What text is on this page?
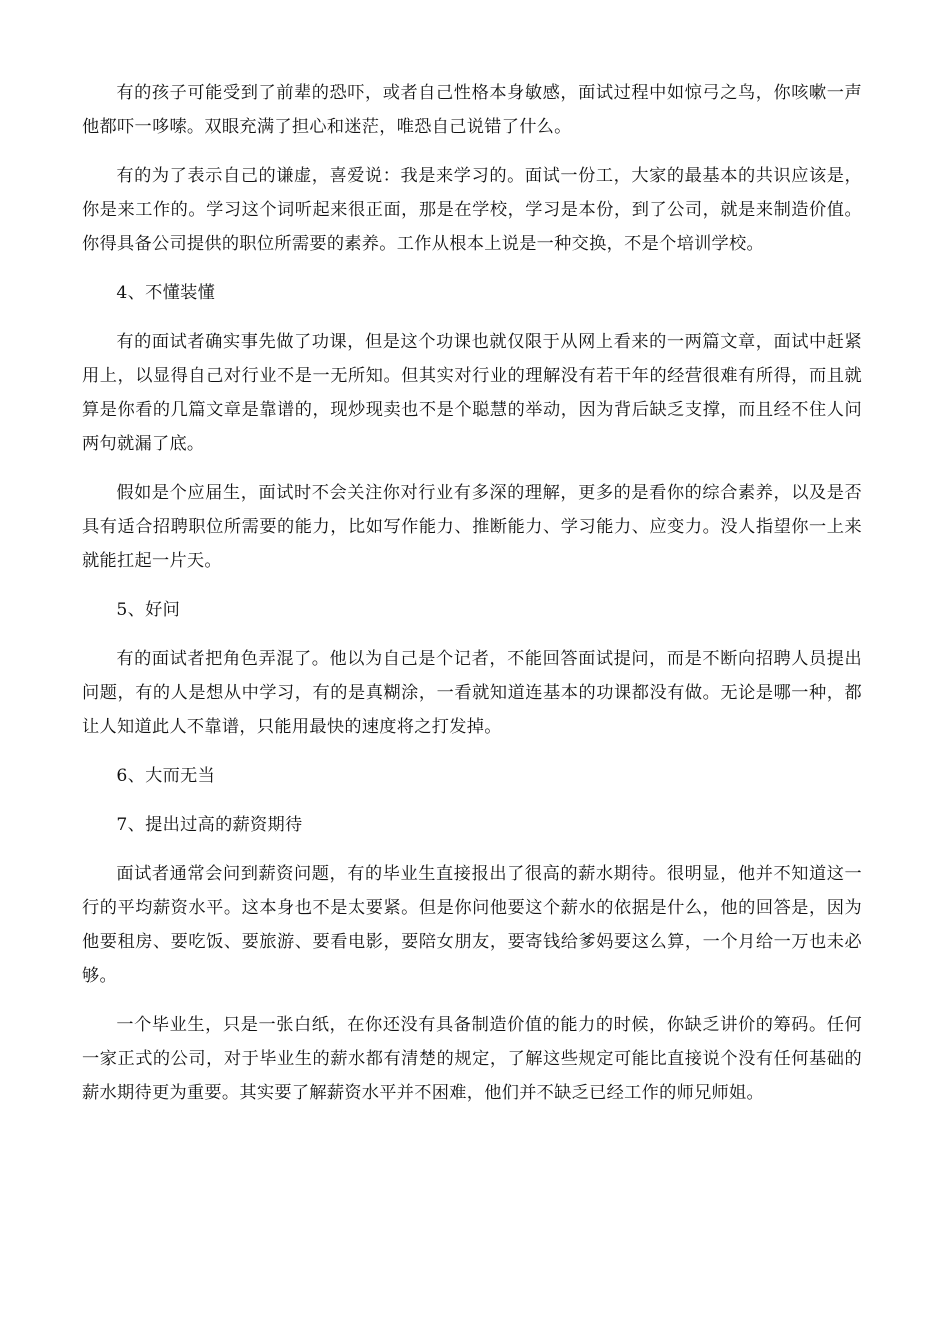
有的孩子可能受到了前辈的恐吓，或者自己性格本身敏感，面试过程中如惊弓之鸟，你咳嗽一声他都吓一哆嗦。双眼充满了担心和迷茫，唯恐自己说错了什么。

有的为了表示自己的谦虚，喜爱说：我是来学习的。面试一份工，大家的最基本的共识应该是，你是来工作的。学习这个词听起来很正面，那是在学校，学习是本份，到了公司，就是来制造价值。你得具备公司提供的职位所需要的素养。工作从根本上说是一种交换，不是个培训学校。

4、不懂装懂

有的面试者确实事先做了功课，但是这个功课也就仅限于从网上看来的一两篇文章，面试中赶紧用上，以显得自己对行业不是一无所知。但其实对行业的理解没有若干年的经营很难有所得，而且就算是你看的几篇文章是靠谱的，现炒现卖也不是个聪慧的举动，因为背后缺乏支撑，而且经不住人问两句就漏了底。

假如是个应届生，面试时不会关注你对行业有多深的理解，更多的是看你的综合素养，以及是否具有适合招聘职位所需要的能力，比如写作能力、推断能力、学习能力、应变力。没人指望你一上来就能扛起一片天。

5、好问

有的面试者把角色弄混了。他以为自己是个记者，不能回答面试提问，而是不断向招聘人员提出问题，有的人是想从中学习，有的是真糊涂，一看就知道连基本的功课都没有做。无论是哪一种，都让人知道此人不靠谱，只能用最快的速度将之打发掉。

6、大而无当

7、提出过高的薪资期待

面试者通常会问到薪资问题，有的毕业生直接报出了很高的薪水期待。很明显，他并不知道这一行的平均薪资水平。这本身也不是太要紧。但是你问他要这个薪水的依据是什么，他的回答是，因为他要租房、要吃饭、要旅游、要看电影，要陪女朋友，要寄钱给爹妈要这么算，一个月给一万也未必够。

一个毕业生，只是一张白纸，在你还没有具备制造价值的能力的时候，你缺乏讲价的筹码。任何一家正式的公司，对于毕业生的薪水都有清楚的规定，了解这些规定可能比直接说个没有任何基础的薪水期待更为重要。其实要了解薪资水平并不困难，他们并不缺乏已经工作的师兄师姐。
